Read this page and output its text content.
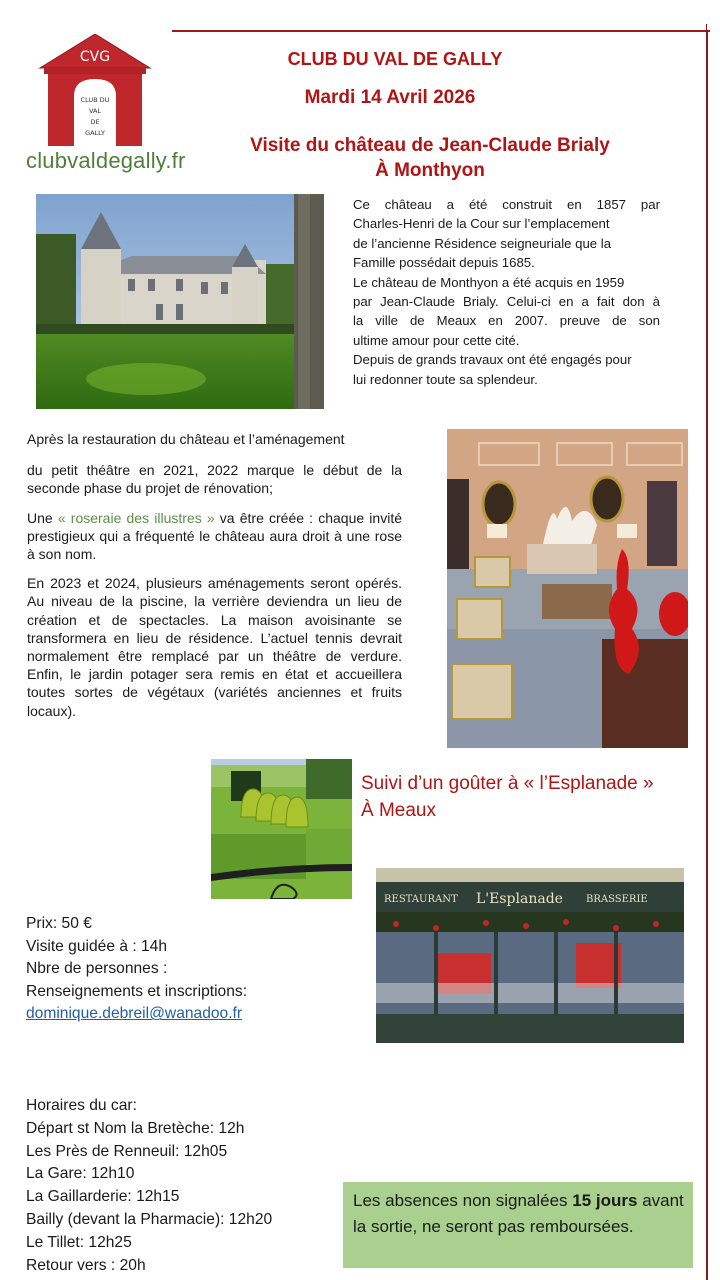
CVG
CLUB DU
VAL
DE
GALLY
clubvaldegally.fr
CLUB DU VAL DE GALLY
Mardi 14 Avril 2026
Visite du château de Jean-Claude Brialy
À Monthyon

Ce château a été construit en 1857 par

Charles-Henri de la Cour sur l’emplacement

de l’ancienne Résidence seigneuriale que la

Famille possédait depuis 1685.

Le château de Monthyon a été acquis en 1959

par Jean-Claude Brialy. Celui-ci en a fait don à

la ville de Meaux en 2007. preuve de son

ultime amour pour cette cité.

Depuis de grands travaux ont été engagés pour

lui redonner toute sa splendeur.

Après la restauration du château et l’aménagement

du petit théâtre en 2021, 2022 marque le début de la seconde phase du projet de rénovation;

Une « roseraie des illustres » va être créée : chaque invité prestigieux qui a fréquenté le château aura droit à une rose à son nom.

En 2023 et 2024, plusieurs aménagements seront opérés. Au niveau de la piscine, la verrière deviendra un lieu de création et de spectacles. La maison avoisinante se transformera en lieu de résidence. L’actuel tennis devrait normalement être remplacé par un théâtre de verdure. Enfin, le jardin potager sera remis en état et accueillera toutes sortes de végétaux (variétés anciennes et fruits locaux).

Suivi d’un goûter à « l’Esplanade »
À Meaux
RESTAURANT L'Esplanade BRASSERIE
Prix: 50 €
Visite guidée à : 14h
Nbre de personnes :
Renseignements et inscriptions:
dominique.debreil@wanadoo.fr
Horaires du car:
Départ st Nom la Bretèche: 12h
Les Près de Renneuil: 12h05
La Gare: 12h10
La Gaillarderie: 12h15
Bailly (devant la Pharmacie): 12h20
Le Tillet: 12h25
Retour vers : 20h
Les absences non signalées 15 jours avant la sortie, ne seront pas remboursées.
